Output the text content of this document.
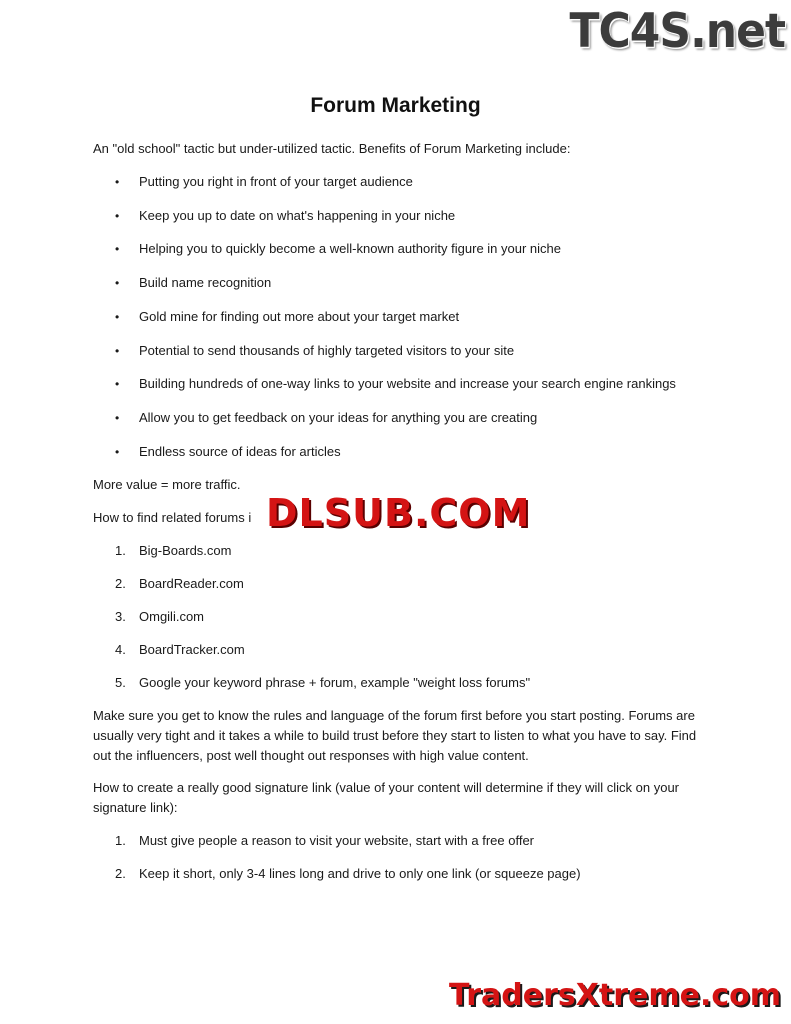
TC4S.net
Forum Marketing
An "old school" tactic but under-utilized tactic. Benefits of Forum Marketing include:
•	Putting you right in front of your target audience
•	Keep you up to date on what's happening in your niche
•	Helping you to quickly become a well-known authority figure in your niche
•	Build name recognition
•	Gold mine for finding out more about your target market
•	Potential to send thousands of highly targeted visitors to your site
•	Building hundreds of one-way links to your website and increase your search engine rankings
•	Allow you to get feedback on your ideas for anything you are creating
•	Endless source of ideas for articles
More value = more traffic.
How to find related forums i DLSUB.COM
1.	Big-Boards.com
2.	BoardReader.com
3.	Omgili.com
4.	BoardTracker.com
5.	Google your keyword phrase + forum, example "weight loss forums"
Make sure you get to know the rules and language of the forum first before you start posting. Forums are usually very tight and it takes a while to build trust before they start to listen to what you have to say. Find out the influencers, post well thought out responses with high value content.
How to create a really good signature link (value of your content will determine if they will click on your signature link):
1.	Must give people a reason to visit your website, start with a free offer
2.	Keep it short, only 3-4 lines long and drive to only one link (or squeeze page)
TradersXtreme.com
